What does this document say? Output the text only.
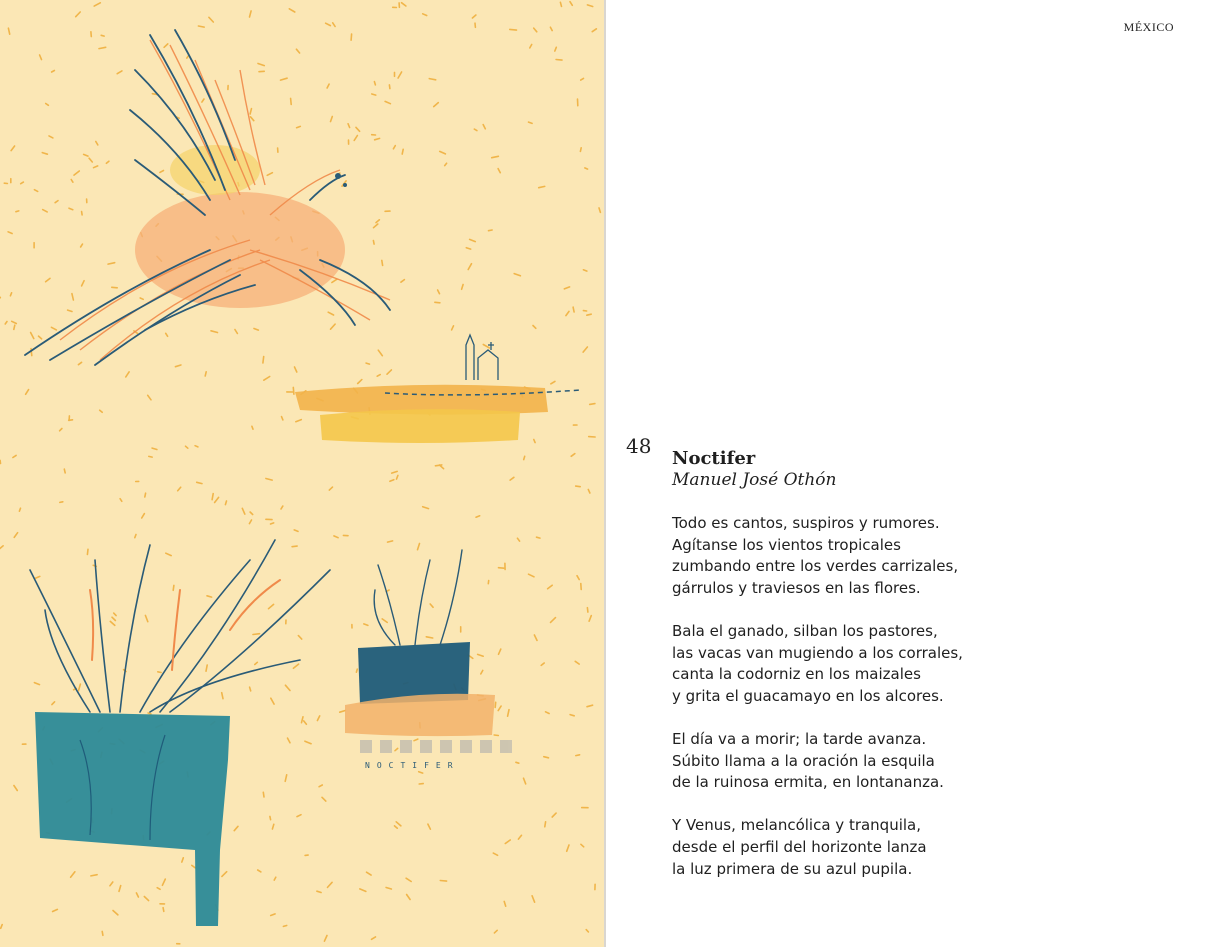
NOCTIFER
MÉXICO
48
Noctifer
Manuel José Othón
Todo es cantos, suspiros y rumores.
Agítanse los vientos tropicales
zumbando entre los verdes carrizales,
gárrulos y traviesos en las flores.
Bala el ganado, silban los pastores,
las vacas van mugiendo a los corrales,
canta la codorniz en los maizales
y grita el guacamayo en los alcores.
El día va a morir; la tarde avanza.
Súbito llama a la oración la esquila
de la ruinosa ermita, en lontananza.
Y Venus, melancólica y tranquila,
desde el perfil del horizonte lanza
la luz primera de su azul pupila.
